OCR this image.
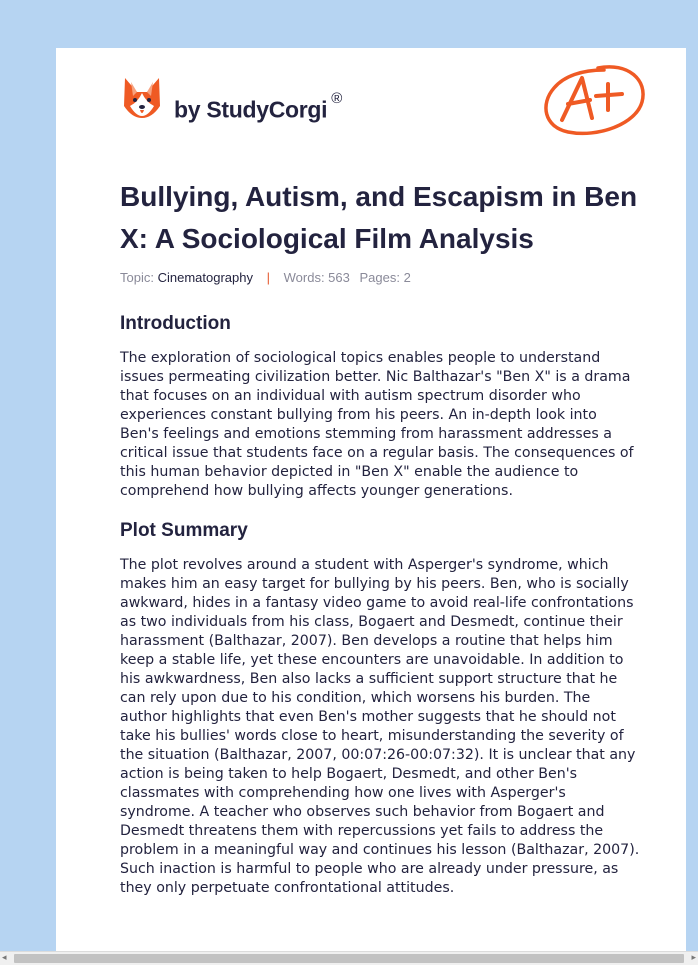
by StudyCorgi ®
Bullying, Autism, and Escapism in Ben X: A Sociological Film Analysis
Topic: Cinematography | Words: 563 Pages: 2
Introduction

The exploration of sociological topics enables people to understand issues permeating civilization better. Nic Balthazar's "Ben X" is a drama that focuses on an individual with autism spectrum disorder who experiences constant bullying from his peers. An in-depth look into Ben's feelings and emotions stemming from harassment addresses a critical issue that students face on a regular basis. The consequences of this human behavior depicted in "Ben X" enable the audience to comprehend how bullying affects younger generations.

Plot Summary

The plot revolves around a student with Asperger's syndrome, which makes him an easy target for bullying by his peers. Ben, who is socially awkward, hides in a fantasy video game to avoid real-life confrontations as two individuals from his class, Bogaert and Desmedt, continue their harassment (Balthazar, 2007). Ben develops a routine that helps him keep a stable life, yet these encounters are unavoidable. In addition to his awkwardness, Ben also lacks a sufficient support structure that he can rely upon due to his condition, which worsens his burden. The author highlights that even Ben's mother suggests that he should not take his bullies' words close to heart, misunderstanding the severity of the situation (Balthazar, 2007, 00:07:26-00:07:32). It is unclear that any action is being taken to help Bogaert, Desmedt, and other Ben's classmates with comprehending how one lives with Asperger's syndrome. A teacher who observes such behavior from Bogaert and Desmedt threatens them with repercussions yet fails to address the problem in a meaningful way and continues his lesson (Balthazar, 2007). Such inaction is harmful to people who are already under pressure, as they only perpetuate confrontational attitudes.

◂	▸
